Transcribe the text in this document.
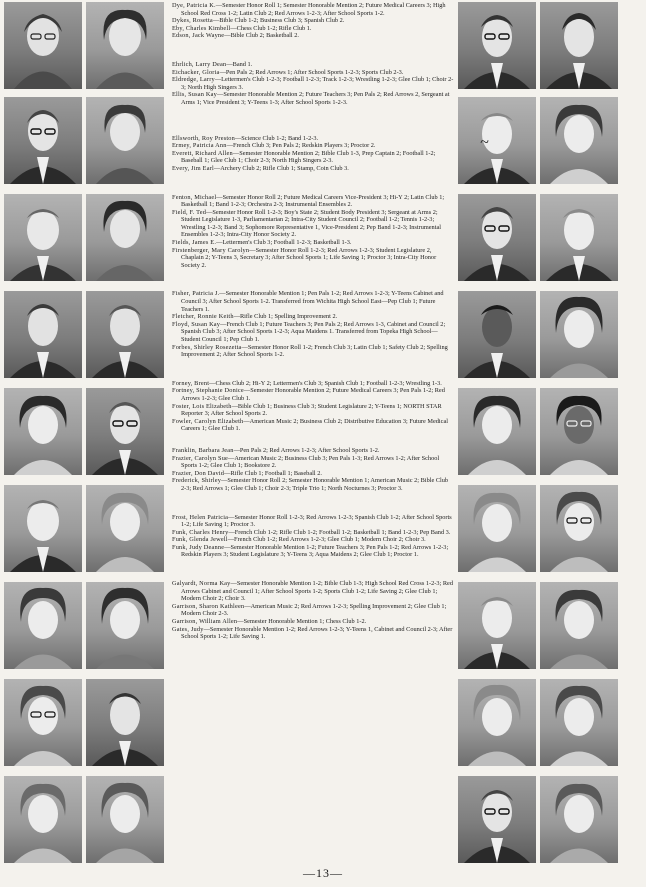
~

Dye, Patricia K.—Semester Honor Roll 1; Semester Honorable Mention 2; Future Medical Careers 3; High School Red Cross 1-2; Latin Club 2; Red Arrows 1-2-3; After School Sports 1-2.

Dykes, Rosetta—Bible Club 1-2; Business Club 3; Spanish Club 2.

Eby, Charles Kimbell—Chess Club 1-2; Rifle Club 1.

Edson, Jack Wayne—Bible Club 2; Basketball 2.

Ehrlich, Larry Dean—Band 1.

Eichacker, Gloria—Pen Pals 2; Red Arrows 1; After School Sports 1-2-3; Sports Club 2-3.

Eldredge, Larry—Lettermen's Club 1-2-3; Football 1-2-3; Track 1-2-3; Wrestling 1-2-3; Glee Club 1; Choir 2-3; North High Singers 3.

Ellis, Susan Kay—Semester Honorable Mention 2; Future Teachers 3; Pen Pals 2; Red Arrows 2, Sergeant at Arms 1; Vice President 3; Y-Teens 1-3; After School Sports 1-2-3.

Ellsworth, Roy Preston—Science Club 1-2; Band 1-2-3.

Ermey, Patricia Ann—French Club 3; Pen Pals 2; Redskin Players 3; Proctor 2.

Everett, Richard Allen—Semester Honorable Mention 2; Bible Club 1-3, Prep Captain 2; Football 1-2; Baseball 1; Glee Club 1; Choir 2-3; North High Singers 2-3.

Every, Jim Earl—Archery Club 2; Rifle Club 1; Stamp, Coin Club 3.

Fenton, Michael—Semester Honor Roll 2; Future Medical Careers Vice-President 3; Hi-Y 2; Latin Club 1; Basketball 1; Band 1-2-3; Orchestra 2-3; Instrumental Ensembles 2.

Field, F. Ted—Semester Honor Roll 1-2-3; Boy's State 2; Student Body President 3; Sergeant at Arms 2; Student Legislature 1-3, Parliamentarian 2; Intra-City Student Council 2; Football 1-2; Tennis 1-2-3; Wrestling 1-2-3; Band 3; Sophomore Representative 1, Vice-President 2; Pep Band 1-2-3; Instrumental Ensembles 1-2-3; Intra-City Honor Society 2.

Fields, James E.—Lettermen's Club 3; Football 1-2-3; Basketball 1-3.

Firstenberger, Mary Carolyn—Semester Honor Roll 1-2-3; Red Arrows 1-2-3; Student Legislature 2, Chaplain 2; Y-Teens 3, Secretary 3; After School Sports 1; Life Saving 1; Proctor 3; Intra-City Honor Society 2.

Fisher, Patricia J.—Semester Honorable Mention 1; Pen Pals 1-2; Red Arrows 1-2-3; Y-Teens Cabinet and Council 3; After School Sports 1-2. Transferred from Wichita High School East—Pep Club 1; Future Teachers 1.

Fletcher, Ronnie Keith—Rifle Club 1; Spelling Improvement 2.

Floyd, Susan Kay—French Club 1; Future Teachers 3; Pen Pals 2; Red Arrows 1-3, Cabinet and Council 2; Spanish Club 3; After School Sports 1-2-3; Aqua Maidens 1. Transferred from Topeka High School—Student Council 1; Pep Club 1.

Forbes, Shirley Rosezetta—Semester Honor Roll 1-2; French Club 3; Latin Club 1; Safety Club 2; Spelling Improvement 2; After School Sports 1-2.

Forney, Brent—Chess Club 2; Hi-Y 2; Lettermen's Club 3; Spanish Club 1; Football 1-2-3; Wrestling 1-3.

Fortney, Stephanie Donice—Semester Honorable Mention 2; Future Medical Careers 3; Pen Pals 1-2; Red Arrows 1-2-3; Glee Club 1.

Foster, Lois Elizabeth—Bible Club 1; Business Club 3; Student Legislature 2; Y-Teens 1; NORTH STAR Reporter 3; After School Sports 2.

Fowler, Carolyn Elizabeth—American Music 2; Business Club 2; Distributive Education 3; Future Medical Careers 1; Glee Club 1.

Franklin, Barbara Jean—Pen Pals 2; Red Arrows 1-2-3; After School Sports 1-2.

Frazier, Carolyn Sue—American Music 2; Business Club 3; Pen Pals 1-3; Red Arrows 1-2; After School Sports 1-2; Glee Club 1; Bookstore 2.

Frazier, Don David—Rifle Club 1; Football 1; Baseball 2.

Frederick, Shirley—Semester Honor Roll 2; Semester Honorable Mention 1; American Music 2; Bible Club 2-3; Red Arrows 1; Glee Club 1; Choir 2-3; Triple Trio 1; North Nocturnes 3; Proctor 3.

Frost, Helen Patricia—Semester Honor Roll 1-2-3; Red Arrows 1-2-3; Spanish Club 1-2; After School Sports 1-2; Life Saving 1; Proctor 3.

Funk, Charles Henry—French Club 1-2; Rifle Club 1-2; Football 1-2; Basketball 1; Band 1-2-3; Pep Band 3.

Funk, Glenda Jewell—French Club 1-2; Red Arrows 1-2-3; Glee Club 1; Modern Choir 2; Choir 3.

Funk, Judy Deanne—Semester Honorable Mention 1-2; Future Teachers 3; Pen Pals 1-2; Red Arrows 1-2-3; Redskin Players 3; Student Legislature 3; Y-Teens 3; Aqua Maidens 2; Glee Club 1; Proctor 1.

Galyardt, Norma Kay—Semester Honorable Mention 1-2; Bible Club 1-3; High School Red Cross 1-2-3; Red Arrows Cabinet and Council 1; After School Sports 1-2; Sports Club 1-2; Life Saving 2; Glee Club 1; Modern Choir 2; Choir 3.

Garrison, Sharon Kathleen—American Music 2; Red Arrows 1-2-3; Spelling Improvement 2; Glee Club 1; Modern Choir 2-3.

Garrison, William Allen—Semester Honorable Mention 1; Chess Club 1-2.

Gates, Judy—Semester Honorable Mention 1-2; Red Arrows 1-2-3; Y-Teens 1, Cabinet and Council 2-3; After School Sports 1-2; Life Saving 1.

—13—
